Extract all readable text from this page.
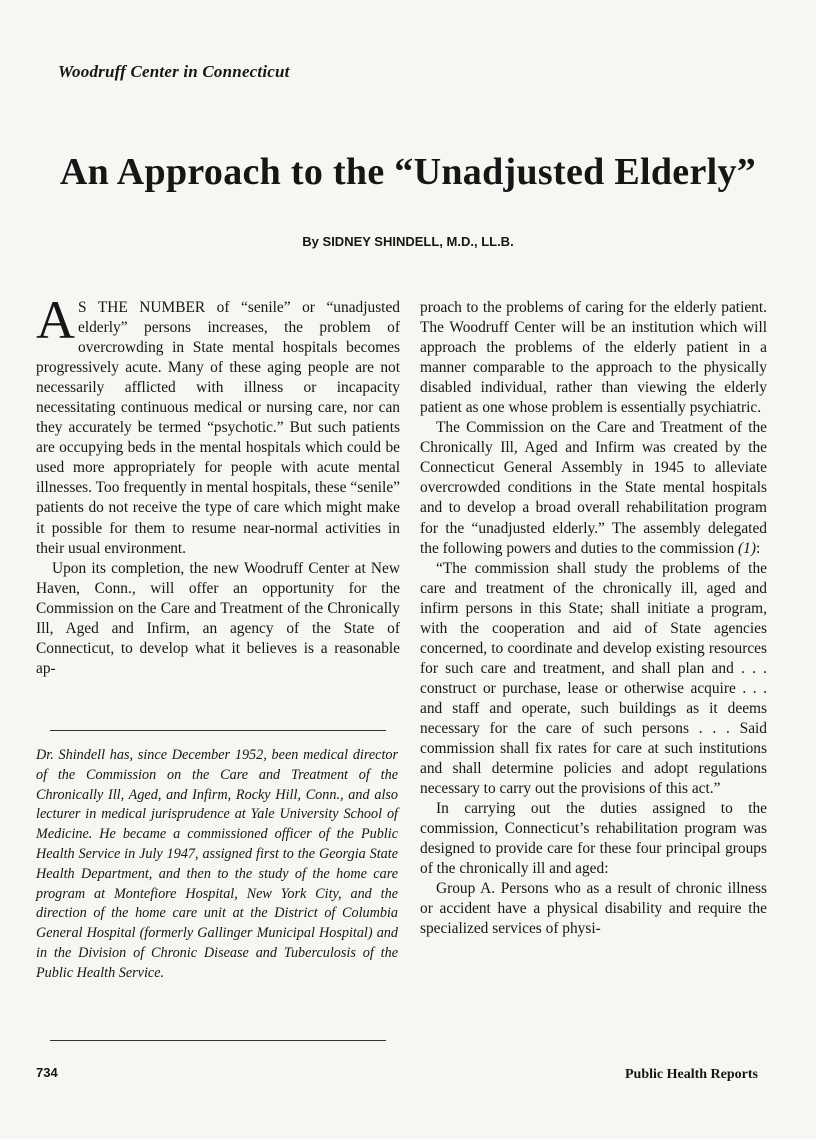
Woodruff Center in Connecticut
An Approach to the “Unadjusted Elderly”
By SIDNEY SHINDELL, M.D., LL.B.

A S THE NUMBER of “senile” or “unadjusted elderly” persons increases, the problem of overcrowding in State mental hospitals becomes progressively acute. Many of these aging people are not necessarily afflicted with illness or incapacity necessitating continuous medical or nursing care, nor can they accurately be termed “psychotic.” But such patients are occupying beds in the mental hospitals which could be used more appropriately for people with acute mental illnesses. Too frequently in mental hospitals, these “senile” patients do not receive the type of care which might make it possible for them to resume near-normal activities in their usual environment.

Upon its completion, the new Woodruff Center at New Haven, Conn., will offer an opportunity for the Commission on the Care and Treatment of the Chronically Ill, Aged and Infirm, an agency of the State of Connecticut, to develop what it believes is a reasonable ap-

Dr. Shindell has, since December 1952, been medical director of the Commission on the Care and Treatment of the Chronically Ill, Aged, and Infirm, Rocky Hill, Conn., and also lecturer in medical jurisprudence at Yale University School of Medicine. He became a commissioned officer of the Public Health Service in July 1947, assigned first to the Georgia State Health Department, and then to the study of the home care program at Montefiore Hospital, New York City, and the direction of the home care unit at the District of Columbia General Hospital (formerly Gallinger Municipal Hospital) and in the Division of Chronic Disease and Tuberculosis of the Public Health Service.

proach to the problems of caring for the elderly patient. The Woodruff Center will be an institution which will approach the problems of the elderly patient in a manner comparable to the approach to the physically disabled individual, rather than viewing the elderly patient as one whose problem is essentially psychiatric.

The Commission on the Care and Treatment of the Chronically Ill, Aged and Infirm was created by the Connecticut General Assembly in 1945 to alleviate overcrowded conditions in the State mental hospitals and to develop a broad overall rehabilitation program for the “unadjusted elderly.” The assembly delegated the following powers and duties to the commission (1):

“The commission shall study the problems of the care and treatment of the chronically ill, aged and infirm persons in this State; shall initiate a program, with the cooperation and aid of State agencies concerned, to coordinate and develop existing resources for such care and treatment, and shall plan and . . . construct or purchase, lease or otherwise acquire . . . and staff and operate, such buildings as it deems necessary for the care of such persons . . . Said commission shall fix rates for care at such institutions and shall determine policies and adopt regulations necessary to carry out the provisions of this act.”

In carrying out the duties assigned to the commission, Connecticut’s rehabilitation program was designed to provide care for these four principal groups of the chronically ill and aged:

Group A. Persons who as a result of chronic illness or accident have a physical disability and require the specialized services of physi-

734	Public Health Reports
